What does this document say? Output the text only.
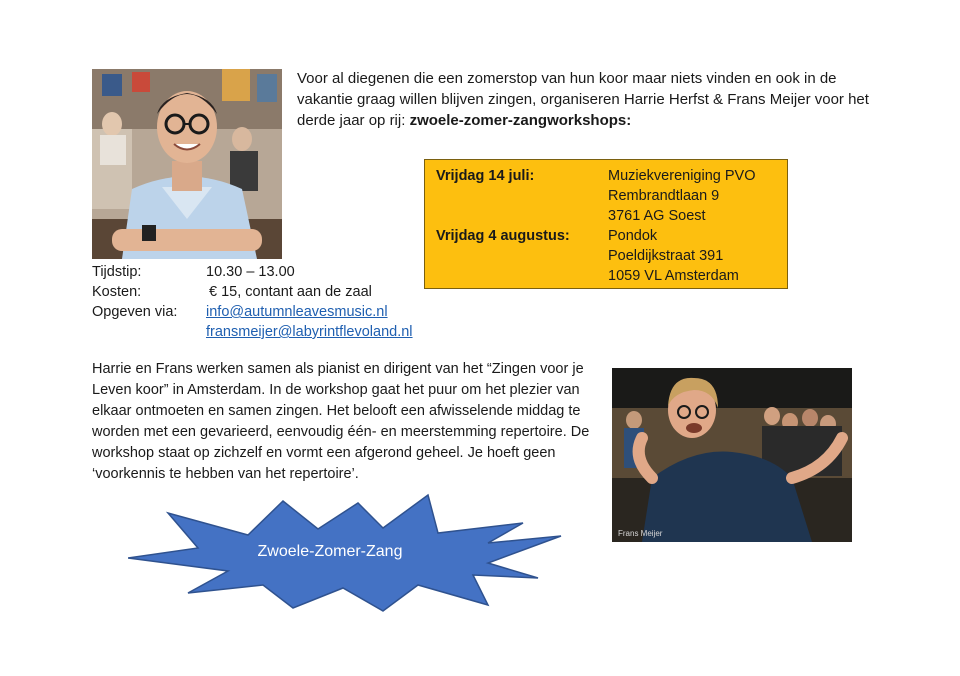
Voor al diegenen die een zomerstop van hun koor maar niets vinden en ook in de vakantie graag willen blijven zingen, organiseren Harrie Herfst & Frans Meijer voor het derde jaar op rij: zwoele-zomer-zangworkshops:
Vrijdag 14 juli:	Muziekvereniging PVO
Rembrandtlaan 9
3761 AG Soest
Vrijdag 4 augustus:	Pondok
Poeldijkstraat 391
1059 VL Amsterdam
Tijdstip:	10.30 – 13.00
Kosten:	€ 15, contant aan de zaal
Opgeven via: info@autumnleavesmusic.nl
fransmeijer@labyrintflevoland.nl
Harrie en Frans werken samen als pianist en dirigent van het “Zingen voor je Leven koor” in Amsterdam. In de workshop gaat het puur om het plezier van elkaar ontmoeten en samen zingen. Het belooft een afwisselende middag te worden met een gevarieerd, eenvoudig één- en meerstemming repertoire. De workshop staat op zichzelf en vormt een afgerond geheel. Je hoeft geen ‘voorkennis te hebben van het repertoire’.
Frans Meijer
Zwoele-Zomer-Zang
